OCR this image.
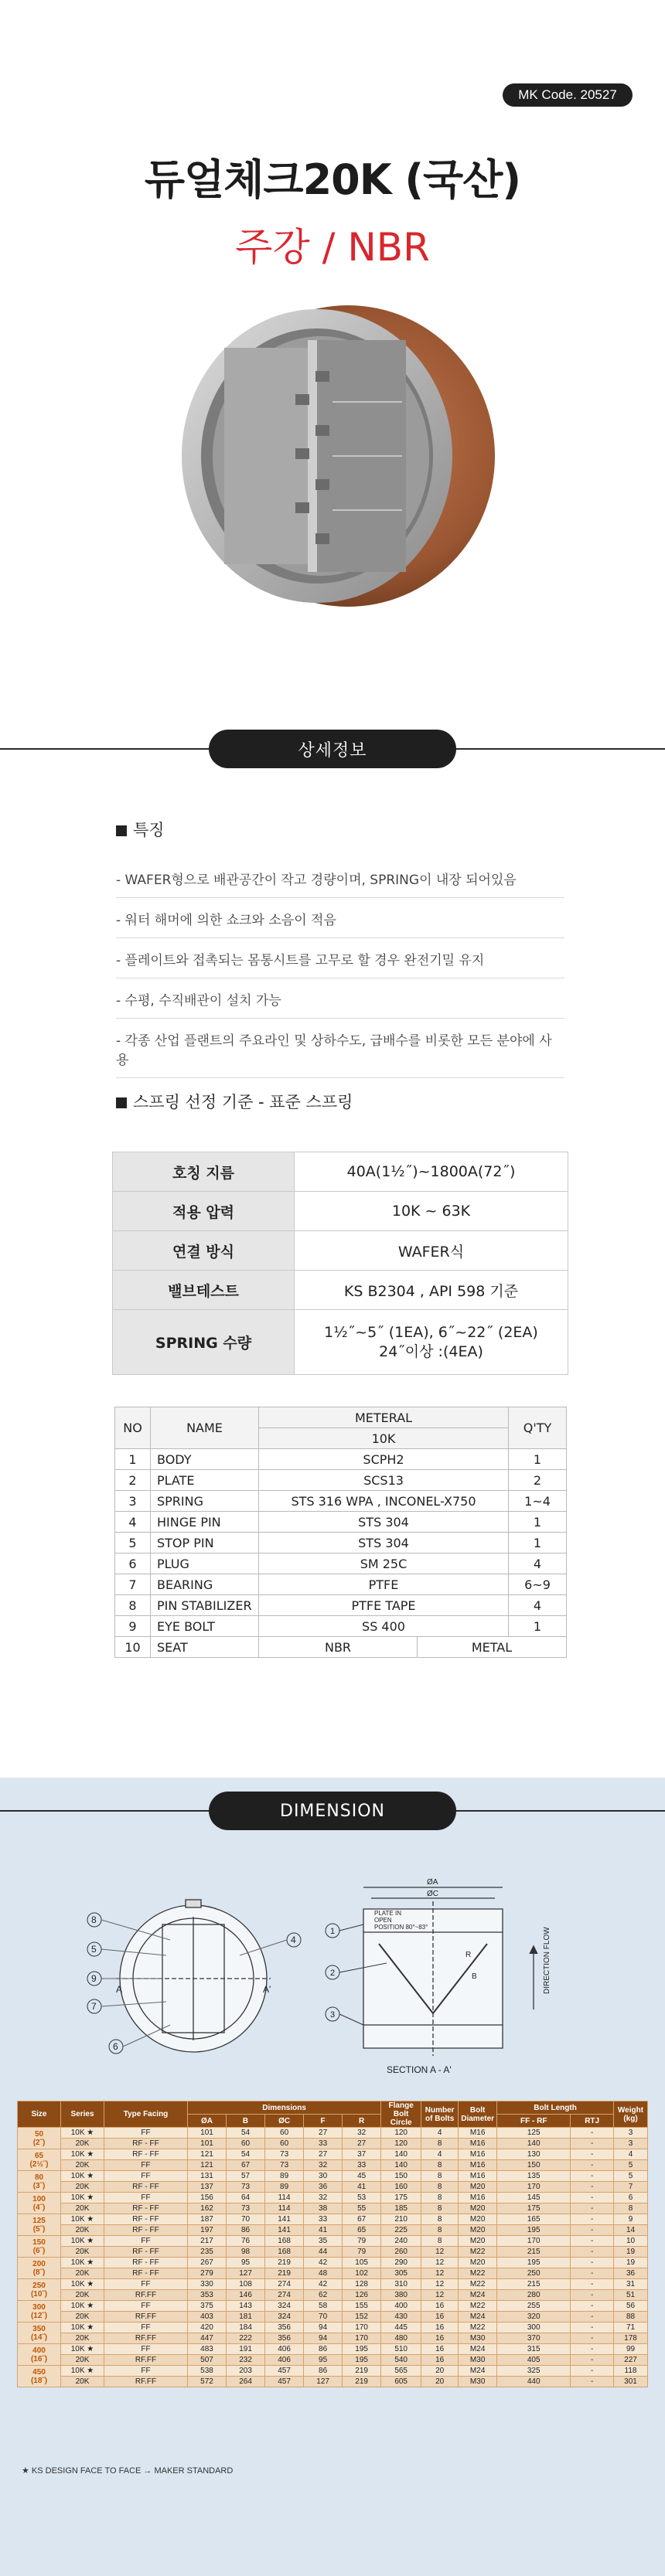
MK Code. 20527
듀얼체크20K (국산)
주강 / NBR
상세정보
특징
- WAFER형으로 배관공간이 작고 경량이며, SPRING이 내장 되어있음
- 워터 해머에 의한 쇼크와 소음이 적음
- 플레이트와 접촉되는 몸통시트를 고무로 할 경우 완전기밀 유지
- 수평, 수직배관이 설치 가능
- 각종 산업 플랜트의 주요라인 및 상하수도, 급배수를 비롯한 모든 분야에 사용
스프링 선정 기준 - 표준 스프링
호칭 지름	40A(1½˝)~1800A(72˝)
적용 압력	10K ~ 63K
연결 방식	WAFER식
밸브테스트	KS B2304 , API 598 기준
SPRING 수량	1½˝~5˝ (1EA), 6˝~22˝ (2EA)
24˝이상 :(4EA)
NO	NAME	METERAL		Q'TY
		10K		
1	BODY	SCPH2		1
2	PLATE	SCS13		2
3	SPRING	STS 316 WPA , INCONEL-X750		1~4
4	HINGE PIN	STS 304		1
5	STOP PIN	STS 304		1
6	PLUG	SM 25C		4
7	BEARING	PTFE		6~9
8	PIN STABILIZER	PTFE TAPE		4
9	EYE BOLT	SS 400		1
10	SEAT	NBR	METAL	
DIMENSION
8
5
9
7
6
4
A	A'
ØA
ØC
PLATE IN
OPEN
POSITION 80°~83°
B
R
SECTION A - A'
DIRECTION FLOW
1
2
3
Size	Series	Type Facing	Dimensions					Flange Bolt Circle	Number of Bolts	Bolt Diameter	Bolt Length		Weight (kg)
			ØA	B	ØC	F	R				FF - RF	RTJ	

50
(2˝)	10K ★	FF	101	54	60	27	32	120	4	M16	125	-	3
	20K	RF - FF	101	60	60	33	27	120	8	M16	140	-	3

65
(2½˝)	10K ★	RF - FF	121	54	73	27	37	140	4	M16	130	-	4
	20K	FF	121	67	73	32	33	140	8	M16	150	-	5

80
(3˝)	10K ★	FF	131	57	89	30	45	150	8	M16	135	-	5
	20K	RF - FF	137	73	89	36	41	160	8	M20	170	-	7

100
(4˝)	10K ★	FF	156	64	114	32	53	175	8	M16	145	-	6
	20K	RF - FF	162	73	114	38	55	185	8	M20	175	-	8

125
(5˝)	10K ★	RF - FF	187	70	141	33	67	210	8	M20	165	-	9
	20K	RF - FF	197	86	141	41	65	225	8	M20	195	-	14

150
(6˝)	10K ★	FF	217	76	168	35	79	240	8	M20	170	-	10
	20K	RF - FF	235	98	168	44	79	260	12	M22	215	-	19

200
(8˝)	10K ★	RF - FF	267	95	219	42	105	290	12	M20	195	-	19
	20K	RF - FF	279	127	219	48	102	305	12	M22	250	-	36

250
(10˝)	10K ★	FF	330	108	274	42	128	310	12	M22	215	-	31
	20K	RF.FF	353	146	274	62	126	380	12	M24	280	-	51

300
(12˝)	10K ★	FF	375	143	324	58	155	400	16	M22	255	-	56
	20K	RF.FF	403	181	324	70	152	430	16	M24	320	-	88

350
(14˝)	10K ★	FF	420	184	356	94	170	445	16	M22	300	-	71
	20K	RF.FF	447	222	356	94	170	480	16	M30	370	-	178

400
(16˝)	10K ★	FF	483	191	406	86	195	510	16	M24	315	-	99
	20K	RF.FF	507	232	406	95	195	540	16	M30	405	-	227

450
(18˝)	10K ★	FF	538	203	457	86	219	565	20	M24	325	-	118
	20K	RF.FF	572	264	457	127	219	605	20	M30	440	-	301
★ KS DESIGN FACE TO FACE → MAKER STANDARD
